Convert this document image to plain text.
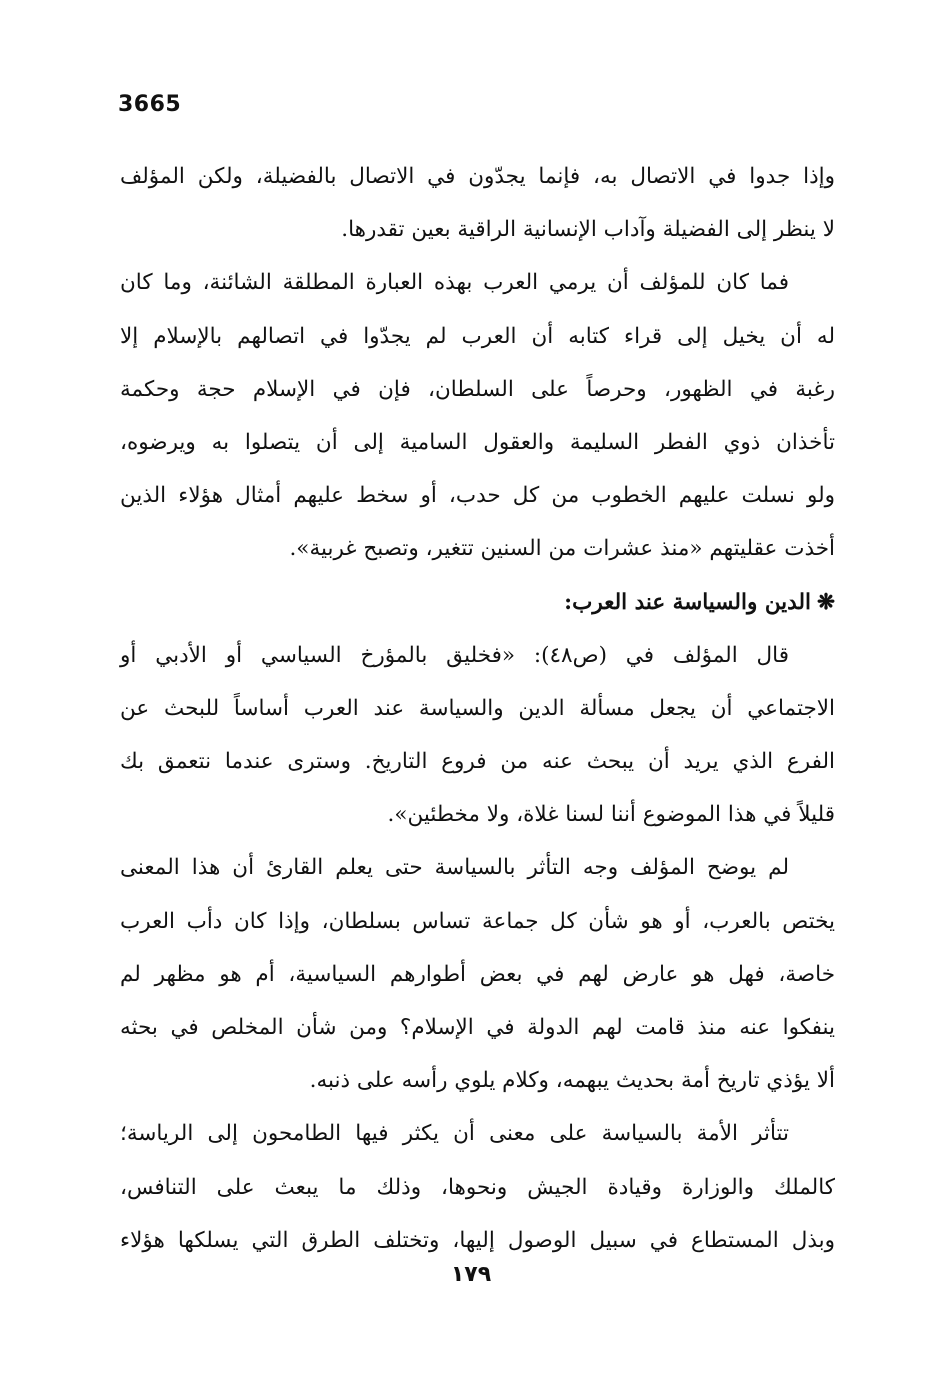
3665
وإذا جدوا في الاتصال به، فإنما يجدّون في الاتصال بالفضيلة، ولكن المؤلف
لا ينظر إلى الفضيلة وآداب الإنسانية الراقية بعين تقدرها.
فما كان للمؤلف أن يرمي العرب بهذه العبارة المطلقة الشائنة، وما كان
له أن يخيل إلى قراء كتابه أن العرب لم يجدّوا في اتصالهم بالإسلام إلا
رغبة في الظهور، وحرصاً على السلطان، فإن في الإسلام حجة وحكمة
تأخذان ذوي الفطر السليمة والعقول السامية إلى أن يتصلوا به ويرضوه،
ولو نسلت عليهم الخطوب من كل حدب، أو سخط عليهم أمثال هؤلاء الذين
أخذت عقليتهم «منذ عشرات من السنين تتغير، وتصبح غربية».
❋الدين والسياسة عند العرب:
قال المؤلف في (ص٤٨): «فخليق بالمؤرخ السياسي أو الأدبي أو
الاجتماعي أن يجعل مسألة الدين والسياسة عند العرب أساساً للبحث عن
الفرع الذي يريد أن يبحث عنه من فروع التاريخ. وسترى عندما نتعمق بك
قليلاً في هذا الموضوع أننا لسنا غلاة، ولا مخطئين».
لم يوضح المؤلف وجه التأثر بالسياسة حتى يعلم القارئ أن هذا المعنى
يختص بالعرب، أو هو شأن كل جماعة تساس بسلطان، وإذا كان دأب العرب
خاصة، فهل هو عارض لهم في بعض أطوارهم السياسية، أم هو مظهر لم
ينفكوا عنه منذ قامت لهم الدولة في الإسلام؟ ومن شأن المخلص في بحثه
ألا يؤذي تاريخ أمة بحديث يبهمه، وكلام يلوي رأسه على ذنبه.
تتأثر الأمة بالسياسة على معنى أن يكثر فيها الطامحون إلى الرياسة؛
كالملك والوزارة وقيادة الجيش ونحوها، وذلك ما يبعث على التنافس،
وبذل المستطاع في سبيل الوصول إليها، وتختلف الطرق التي يسلكها هؤلاء
١٧٩
